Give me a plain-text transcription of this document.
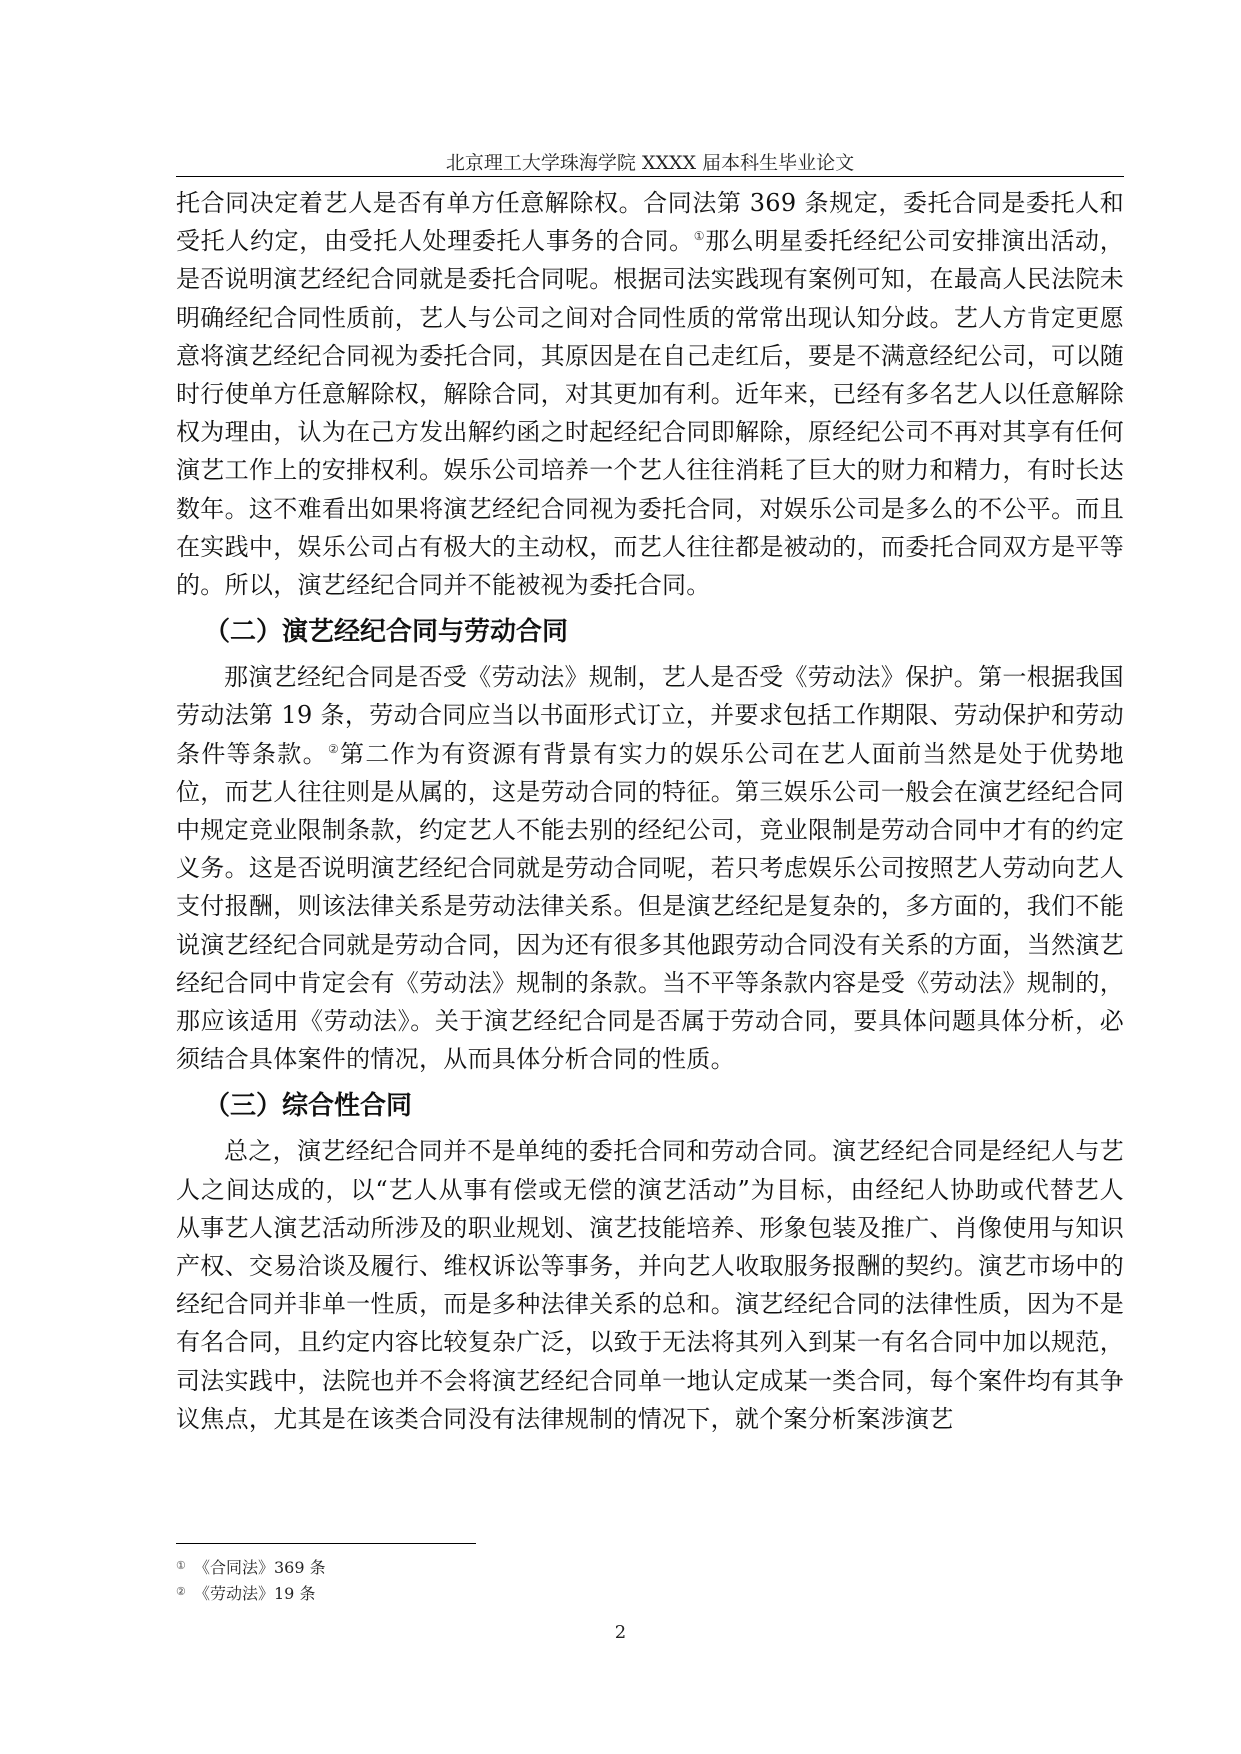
北京理工大学珠海学院 XXXX 届本科生毕业论文

托合同决定着艺人是否有单方任意解除权。合同法第 369 条规定，委托合同是委托人和受托人约定，由受托人处理委托人事务的合同。①那么明星委托经纪公司安排演出活动，是否说明演艺经纪合同就是委托合同呢。根据司法实践现有案例可知，在最高人民法院未明确经纪合同性质前，艺人与公司之间对合同性质的常常出现认知分歧。艺人方肯定更愿意将演艺经纪合同视为委托合同，其原因是在自己走红后，要是不满意经纪公司，可以随时行使单方任意解除权，解除合同，对其更加有利。近年来，已经有多名艺人以任意解除权为理由，认为在己方发出解约函之时起经纪合同即解除，原经纪公司不再对其享有任何演艺工作上的安排权利。娱乐公司培养一个艺人往往消耗了巨大的财力和精力，有时长达数年。这不难看出如果将演艺经纪合同视为委托合同，对娱乐公司是多么的不公平。而且在实践中，娱乐公司占有极大的主动权，而艺人往往都是被动的，而委托合同双方是平等的。所以，演艺经纪合同并不能被视为委托合同。

（二）演艺经纪合同与劳动合同

那演艺经纪合同是否受《劳动法》规制，艺人是否受《劳动法》保护。第一根据我国劳动法第 19 条，劳动合同应当以书面形式订立，并要求包括工作期限、劳动保护和劳动条件等条款。②第二作为有资源有背景有实力的娱乐公司在艺人面前当然是处于优势地位，而艺人往往则是从属的，这是劳动合同的特征。第三娱乐公司一般会在演艺经纪合同中规定竞业限制条款，约定艺人不能去别的经纪公司，竞业限制是劳动合同中才有的约定义务。这是否说明演艺经纪合同就是劳动合同呢，若只考虑娱乐公司按照艺人劳动向艺人支付报酬，则该法律关系是劳动法律关系。但是演艺经纪是复杂的，多方面的，我们不能说演艺经纪合同就是劳动合同，因为还有很多其他跟劳动合同没有关系的方面，当然演艺经纪合同中肯定会有《劳动法》规制的条款。当不平等条款内容是受《劳动法》规制的，那应该适用《劳动法》。关于演艺经纪合同是否属于劳动合同，要具体问题具体分析，必须结合具体案件的情况，从而具体分析合同的性质。

（三）综合性合同

总之，演艺经纪合同并不是单纯的委托合同和劳动合同。演艺经纪合同是经纪人与艺人之间达成的，以“艺人从事有偿或无偿的演艺活动”为目标，由经纪人协助或代替艺人从事艺人演艺活动所涉及的职业规划、演艺技能培养、形象包装及推广、肖像使用与知识产权、交易洽谈及履行、维权诉讼等事务，并向艺人收取服务报酬的契约。演艺市场中的经纪合同并非单一性质，而是多种法律关系的总和。演艺经纪合同的法律性质，因为不是有名合同，且约定内容比较复杂广泛，以致于无法将其列入到某一有名合同中加以规范，司法实践中，法院也并不会将演艺经纪合同单一地认定成某一类合同，每个案件均有其争议焦点，尤其是在该类合同没有法律规制的情况下，就个案分析案涉演艺

① 《合同法》369 条
② 《劳动法》19 条
2
